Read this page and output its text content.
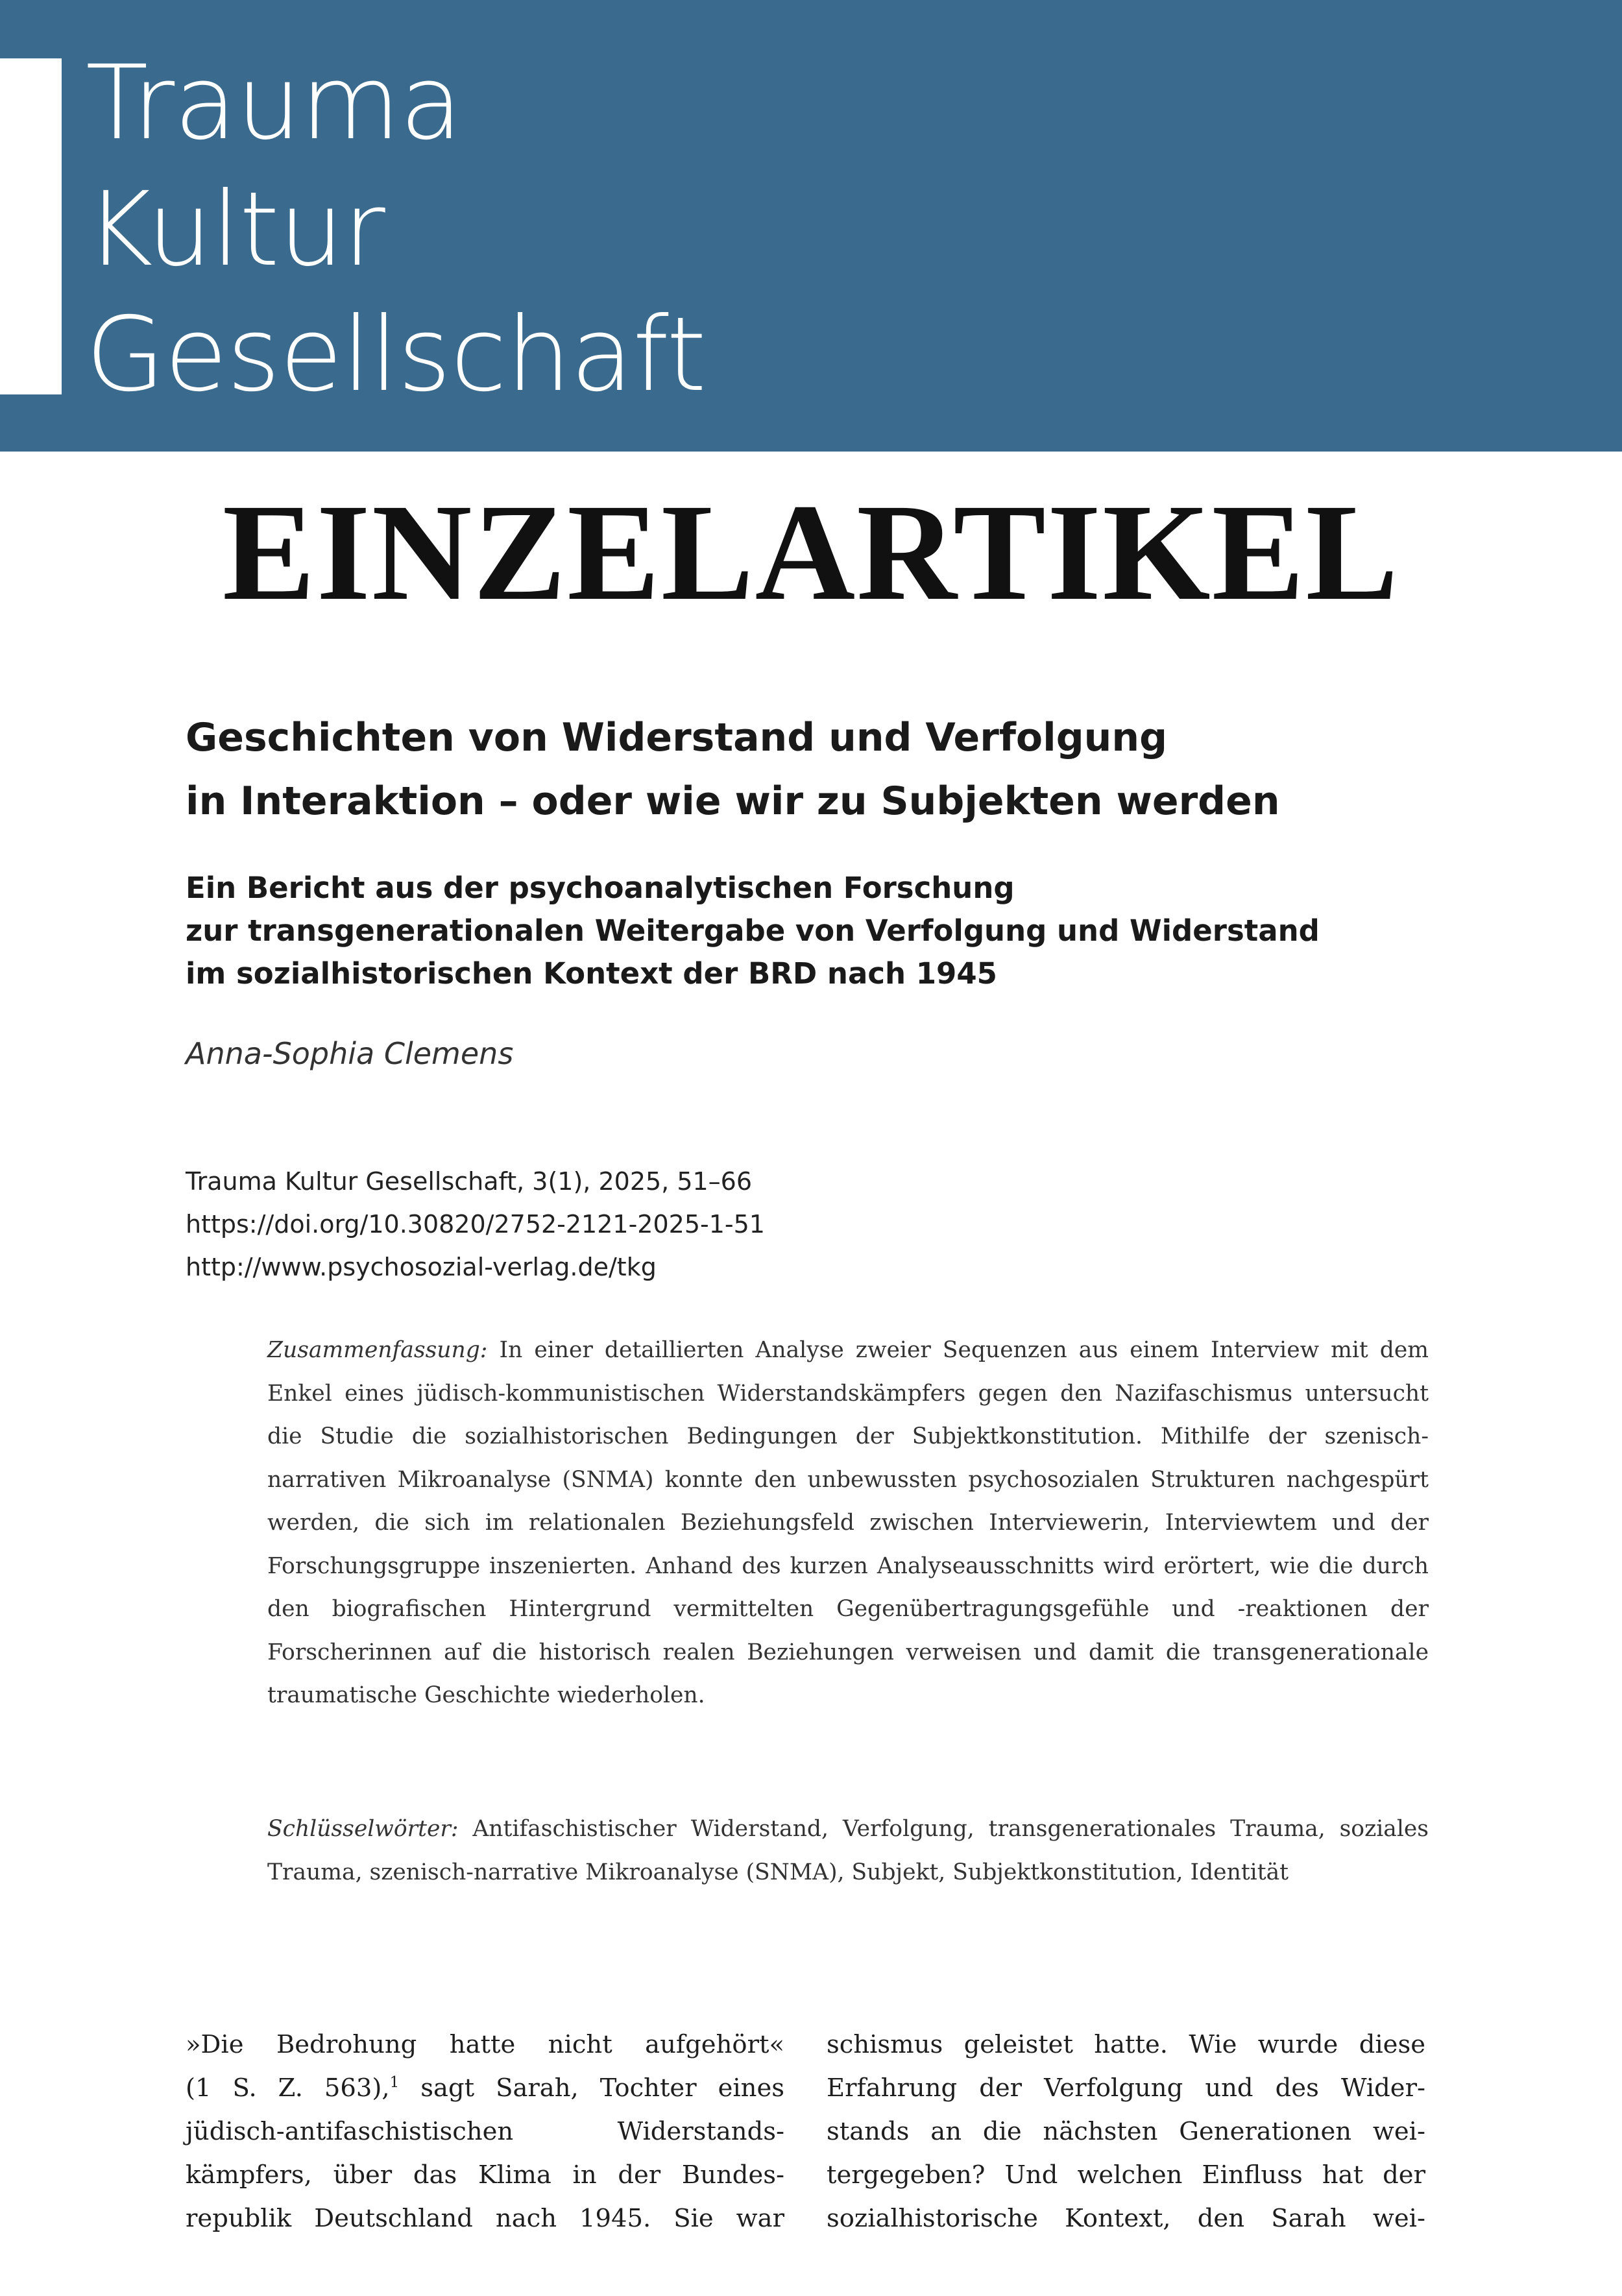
Trauma
Kultur
Gesellschaft
EINZELARTIKEL
Geschichten von Widerstand und Verfolgung
in Interaktion – oder wie wir zu Subjekten werden
Ein Bericht aus der psychoanalytischen Forschung
zur transgenerationalen Weitergabe von Verfolgung und Widerstand
im sozialhistorischen Kontext der BRD nach 1945
Anna-Sophia Clemens
Trauma Kultur Gesellschaft, 3(1), 2025, 51–66
https://doi.org/10.30820/2752-2121-2025-1-51
http://www.psychosozial-verlag.de/tkg
Zusammenfassung: In einer detaillierten Analyse zweier Sequenzen aus einem Interview mit dem Enkel eines jüdisch-kommunistischen Widerstandskämpfers gegen den Nazifaschismus untersucht die Studie die sozialhistorischen Bedingungen der Subjektkonstitution. Mithilfe der szenisch-narrativen Mikroanalyse (SNMA) konnte den unbewussten psychosozialen Strukturen nachgespürt werden, die sich im relationalen Beziehungsfeld zwischen Interviewerin, Interviewtem und der Forschungsgruppe inszenierten. Anhand des kurzen Analyseausschnitts wird erörtert, wie die durch den biografischen Hintergrund vermittelten Gegenübertragungsgefühle und -reaktionen der Forscherinnen auf die historisch realen Beziehungen verweisen und damit die transgenerationale traumatische Geschichte wiederholen.
Schlüsselwörter: Antifaschistischer Widerstand, Verfolgung, transgenerationales Trauma, soziales Trauma, szenisch-narrative Mikroanalyse (SNMA), Subjekt, Subjektkonstitution, Identität
»Die Bedrohung hatte nicht aufgehört«
(1 S. Z. 563),$^1$ sagt Sarah, Tochter eines
jüdisch-antifaschistischen Widerstands-
kämpfers, über das Klima in der Bundes-
republik Deutschland nach 1945. Sie war
schismus geleistet hatte. Wie wurde diese
Erfahrung der Verfolgung und des Wider-
stands an die nächsten Generationen wei-
tergegeben? Und welchen Einfluss hat der
sozialhistorische Kontext, den Sarah wei-
